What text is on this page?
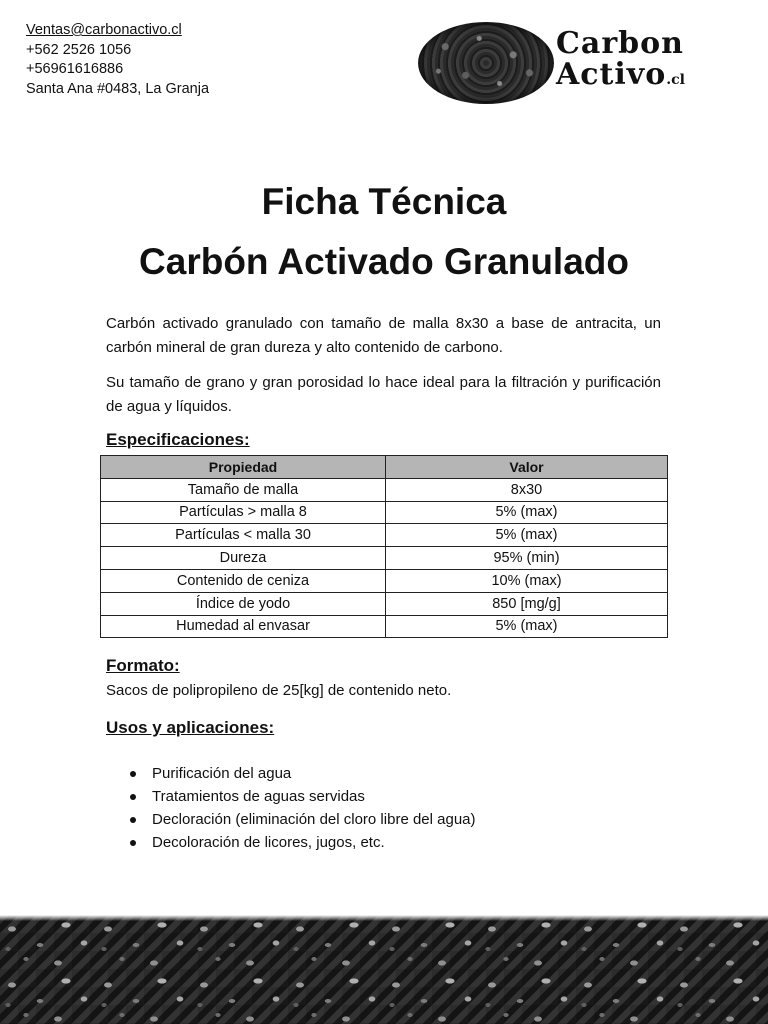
Ventas@carbonactivo.cl
+562 2526 1056
+56961616886
Santa Ana #0483, La Granja
Carbon
Activo.cl
Ficha Técnica
Carbón Activado Granulado

Carbón activado granulado con tamaño de malla 8x30 a base de antracita, un carbón mineral de gran dureza y alto contenido de carbono.

Su tamaño de grano y gran porosidad lo hace ideal para la filtración y purificación de agua y líquidos.

Especificaciones:
Propiedad	Valor
Tamaño de malla	8x30
Partículas > malla 8	5% (max)
Partículas < malla 30	5% (max)
Dureza	95% (min)
Contenido de ceniza	10% (max)
Índice de yodo	850 [mg/g]
Humedad al envasar	5% (max)
Formato:
Sacos de polipropileno de 25[kg] de contenido neto.
Usos y aplicaciones:
Purificación del agua
Tratamientos de aguas servidas
Decloración (eliminación del cloro libre del agua)
Decoloración de licores, jugos, etc.
